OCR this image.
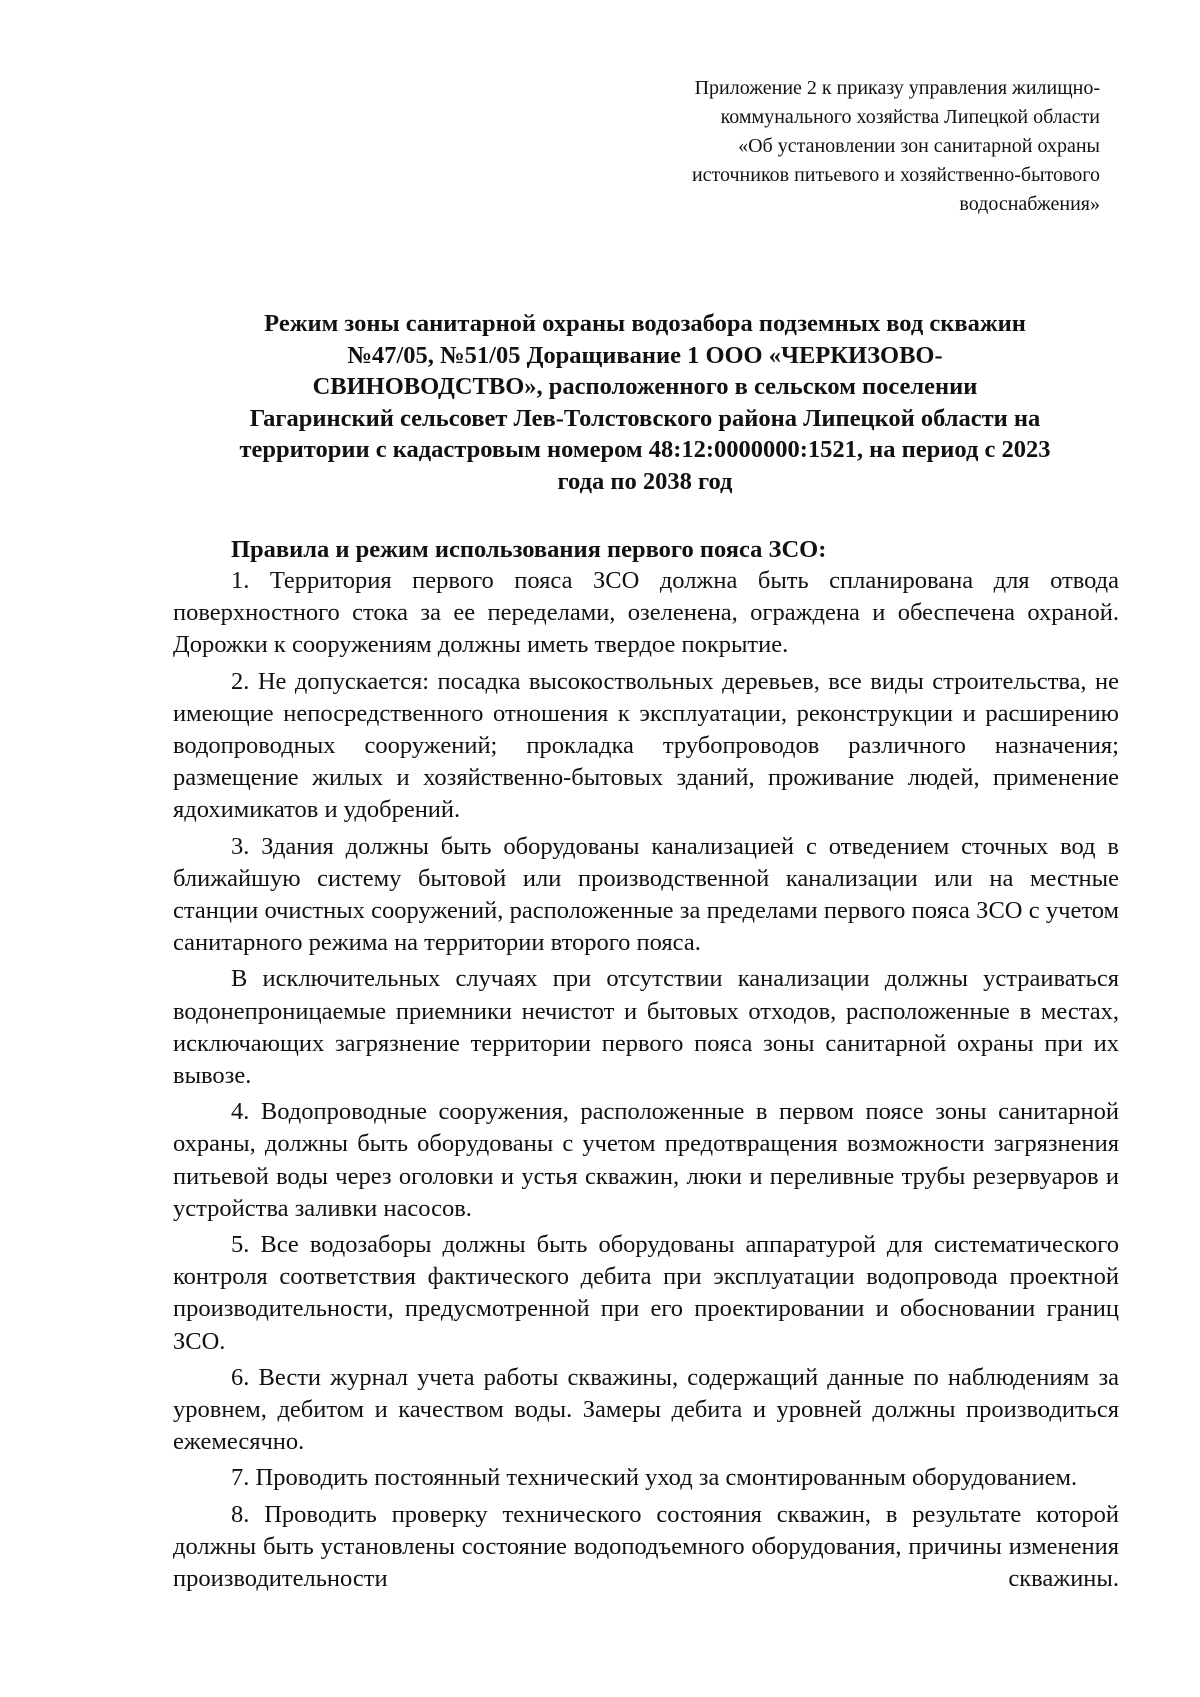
Приложение 2 к приказу управления жилищно-
коммунального хозяйства Липецкой области
«Об установлении зон санитарной охраны
источников питьевого и хозяйственно-бытового
водоснабжения»
Режим зоны санитарной охраны водозабора подземных вод скважин
№47/05, №51/05 Доращивание 1 ООО «ЧЕРКИЗОВО-
СВИНОВОДСТВО», расположенного в сельском поселении
Гагаринский сельсовет Лев-Толстовского района Липецкой области на
территории с кадастровым номером 48:12:0000000:1521, на период с 2023
года по 2038 год
Правила и режим использования первого пояса ЗСО:

1. Территория первого пояса ЗСО должна быть спланирована для отвода поверхностного стока за ее переделами, озеленена, ограждена и обеспечена охраной. Дорожки к сооружениям должны иметь твердое покрытие.

2. Не допускается: посадка высокоствольных деревьев, все виды строительства, не имеющие непосредственного отношения к эксплуатации, реконструкции и расширению водопроводных сооружений; прокладка трубопроводов различного назначения; размещение жилых и хозяйственно-бытовых зданий, проживание людей, применение ядохимикатов и удобрений.

3. Здания должны быть оборудованы канализацией с отведением сточных вод в ближайшую систему бытовой или производственной канализации или на местные станции очистных сооружений, расположенные за пределами первого пояса ЗСО с учетом санитарного режима на территории второго пояса.

В исключительных случаях при отсутствии канализации должны устраиваться водонепроницаемые приемники нечистот и бытовых отходов, расположенные в местах, исключающих загрязнение территории первого пояса зоны санитарной охраны при их вывозе.

4. Водопроводные сооружения, расположенные в первом поясе зоны санитарной охраны, должны быть оборудованы с учетом предотвращения возможности загрязнения питьевой воды через оголовки и устья скважин, люки и переливные трубы резервуаров и устройства заливки насосов.

5. Все водозаборы должны быть оборудованы аппаратурой для систематического контроля соответствия фактического дебита при эксплуатации водопровода проектной производительности, предусмотренной при его проектировании и обосновании границ ЗСО.

6. Вести журнал учета работы скважины, содержащий данные по наблюдениям за уровнем, дебитом и качеством воды. Замеры дебита и уровней должны производиться ежемесячно.

7. Проводить постоянный технический уход за смонтированным оборудованием.

8. Проводить проверку технического состояния скважин, в результате которой должны быть установлены состояние водоподъемного оборудования, причины изменения производительности скважины.
